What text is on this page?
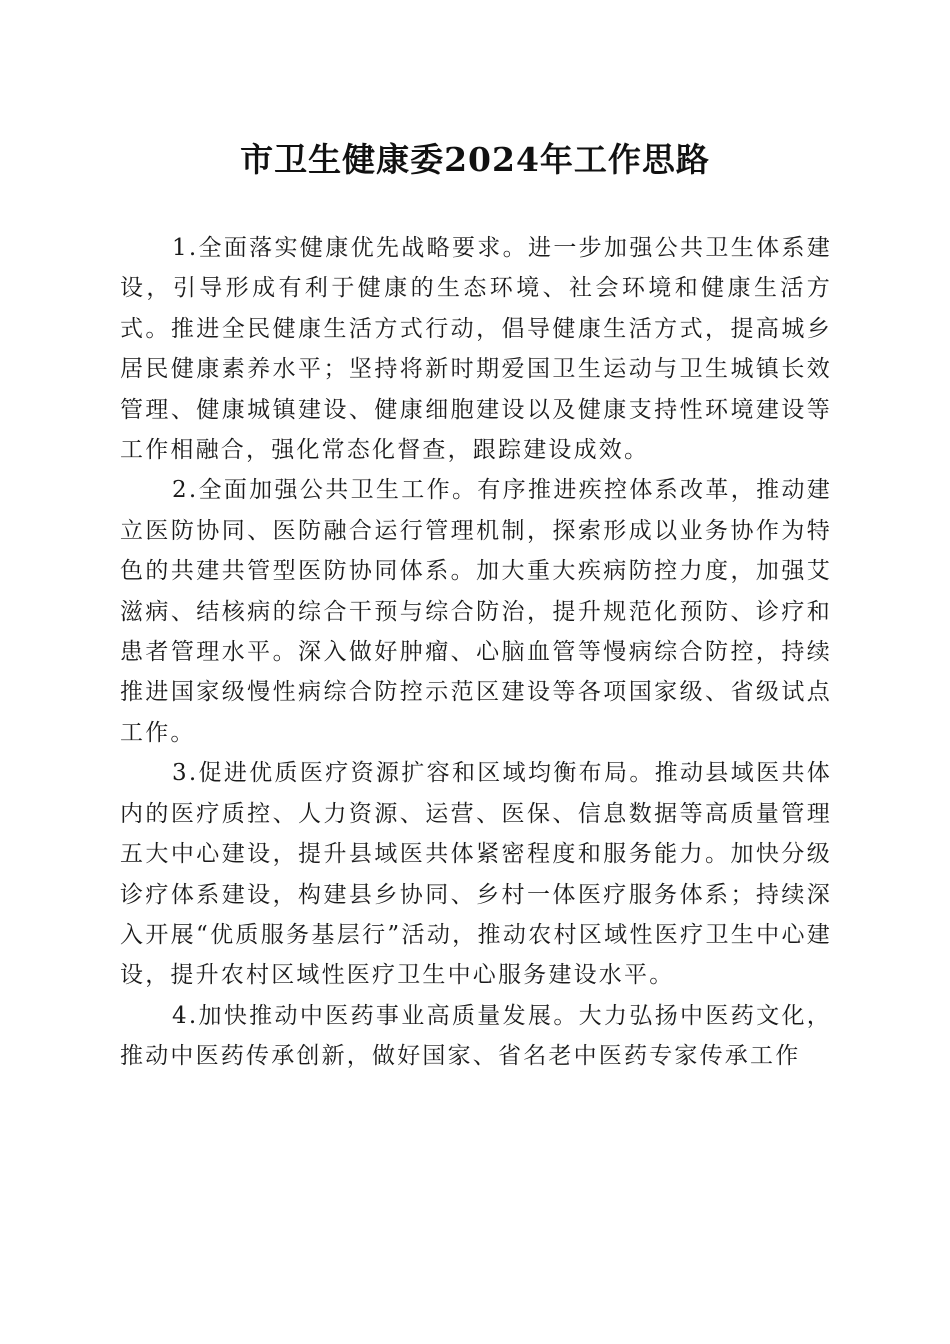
市卫生健康委2024年工作思路

1.全面落实健康优先战略要求。进一步加强公共卫生体系建设，引导形成有利于健康的生态环境、社会环境和健康生活方式。推进全民健康生活方式行动，倡导健康生活方式，提高城乡居民健康素养水平；坚持将新时期爱国卫生运动与卫生城镇长效管理、健康城镇建设、健康细胞建设以及健康支持性环境建设等工作相融合，强化常态化督查，跟踪建设成效。

2.全面加强公共卫生工作。有序推进疾控体系改革，推动建立医防协同、医防融合运行管理机制，探索形成以业务协作为特色的共建共管型医防协同体系。加大重大疾病防控力度，加强艾滋病、结核病的综合干预与综合防治，提升规范化预防、诊疗和患者管理水平。深入做好肿瘤、心脑血管等慢病综合防控，持续推进国家级慢性病综合防控示范区建设等各项国家级、省级试点工作。

3.促进优质医疗资源扩容和区域均衡布局。推动县域医共体内的医疗质控、人力资源、运营、医保、信息数据等高质量管理五大中心建设，提升县域医共体紧密程度和服务能力。加快分级诊疗体系建设，构建县乡协同、乡村一体医疗服务体系；持续深入开展“优质服务基层行”活动，推动农村区域性医疗卫生中心建设，提升农村区域性医疗卫生中心服务建设水平。

4.加快推动中医药事业高质量发展。大力弘扬中医药文化，推动中医药传承创新，做好国家、省名老中医药专家传承工作
